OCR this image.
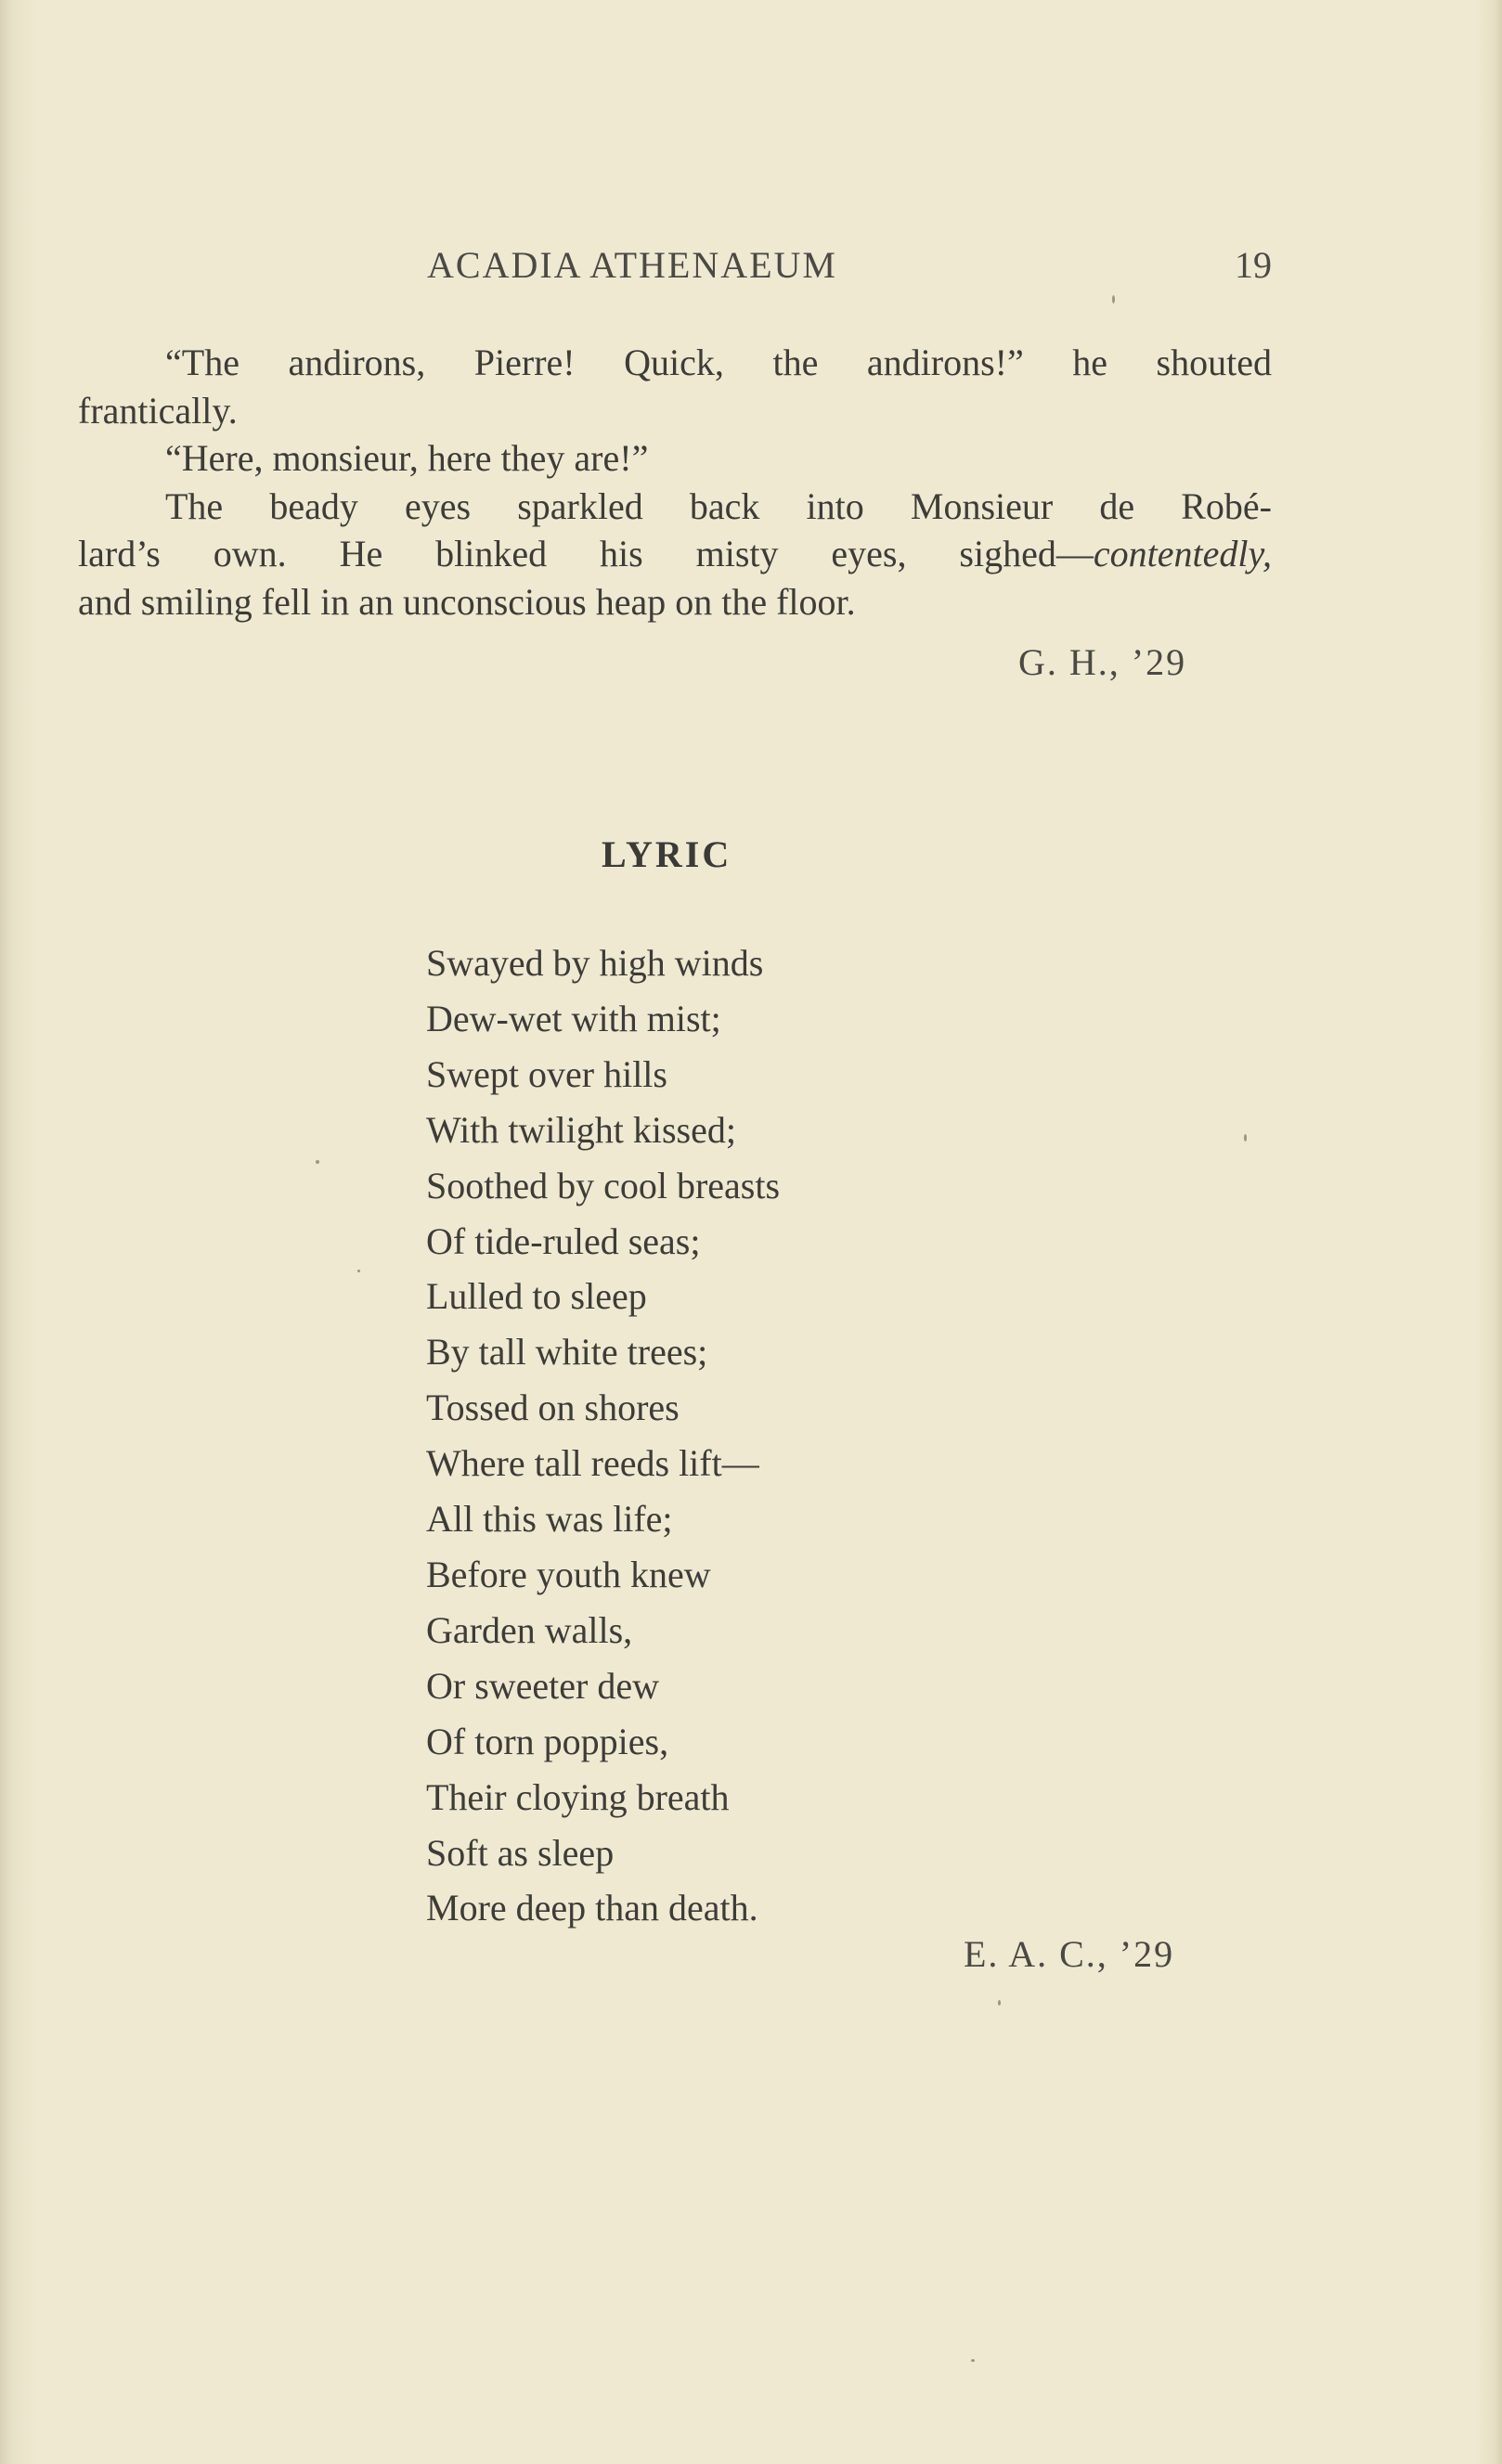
ACADIA ATHENAEUM	19

“The andirons, Pierre! Quick, the andirons!” he shouted

frantically.

“Here, monsieur, here they are!”

The beady eyes sparkled back into Monsieur de Robé-

lard’s own. He blinked his misty eyes, sighed—contentedly,

and smiling fell in an unconscious heap on the floor.

G. H., ’29
LYRIC
Swayed by high winds
Dew-wet with mist;
Swept over hills
With twilight kissed;
Soothed by cool breasts
Of tide-ruled seas;
Lulled to sleep
By tall white trees;
Tossed on shores
Where tall reeds lift—
All this was life;
Before youth knew
Garden walls,
Or sweeter dew
Of torn poppies,
Their cloying breath
Soft as sleep
More deep than death.
E. A. C., ’29
